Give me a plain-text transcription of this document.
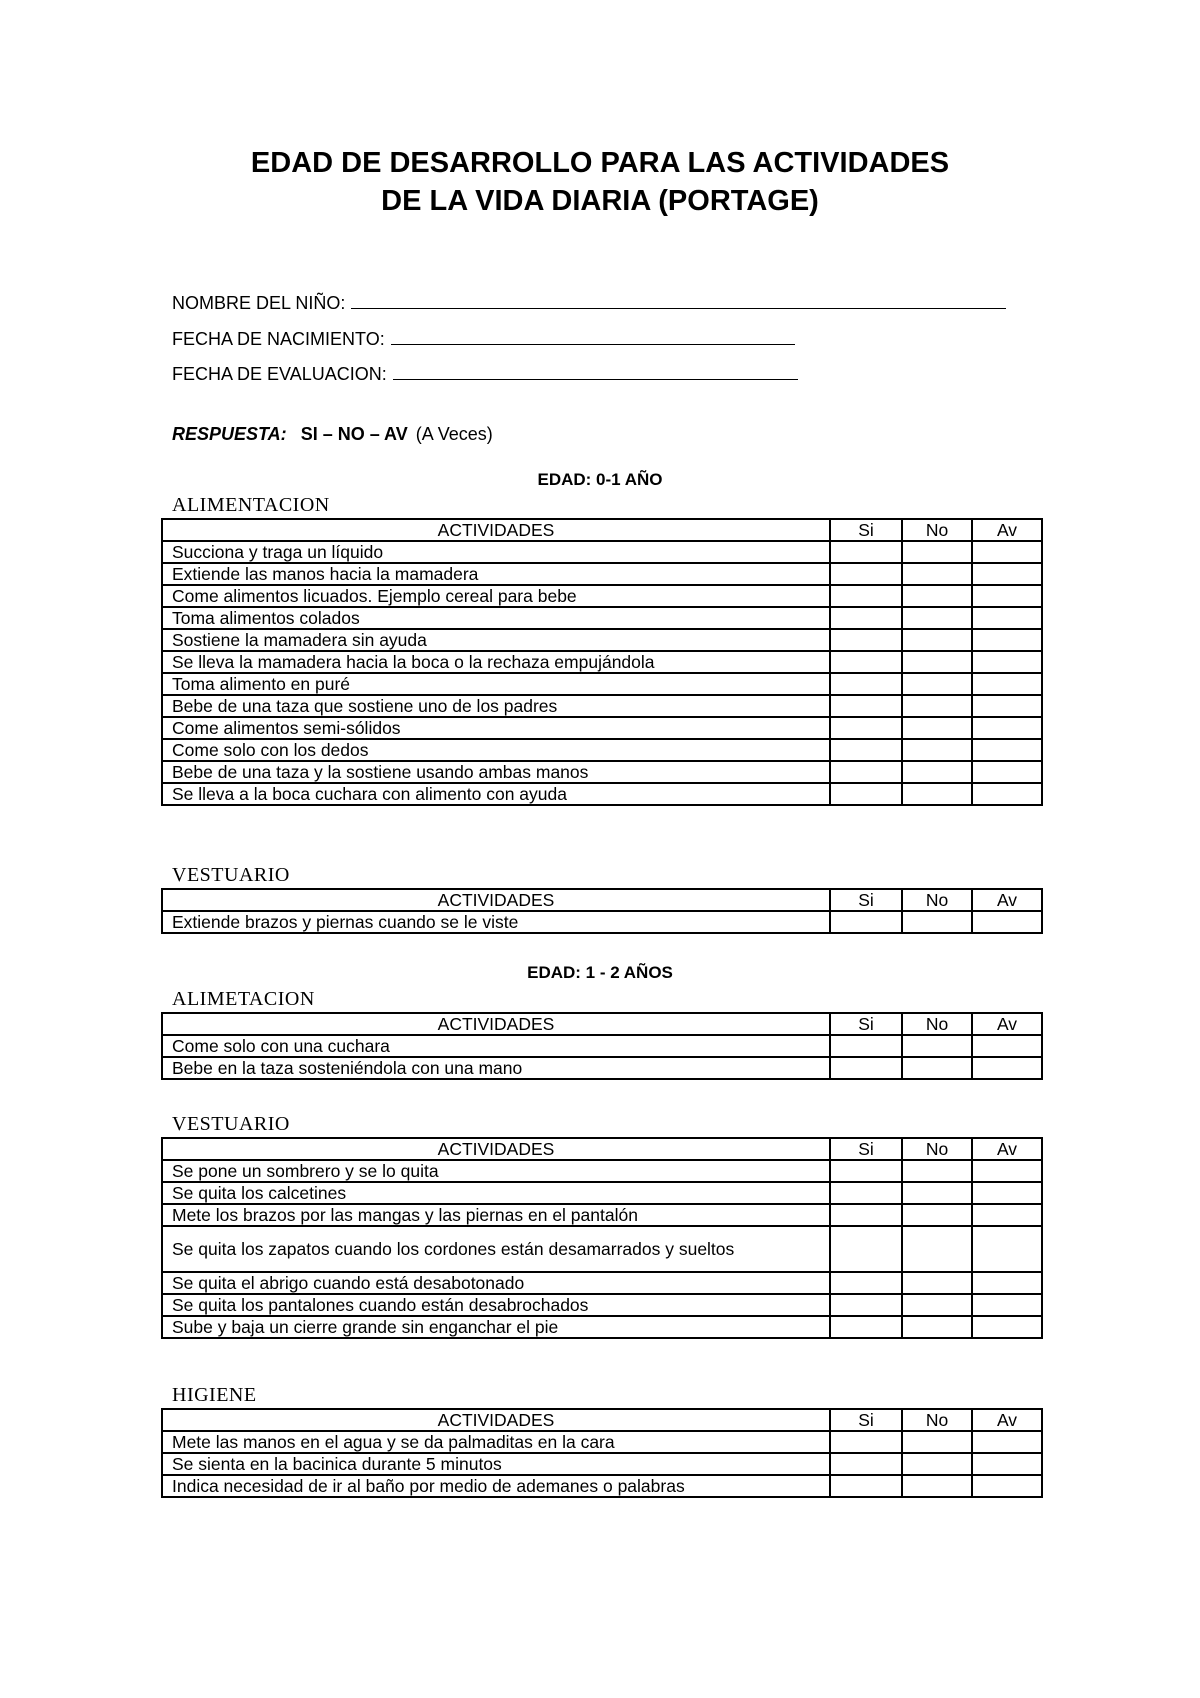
EDAD DE DESARROLLO PARA LAS ACTIVIDADES
DE LA VIDA DIARIA (PORTAGE)
NOMBRE DEL NIÑO:
FECHA DE NACIMIENTO:
FECHA DE EVALUACION:
RESPUESTA: SI – NO – AV (A Veces)
EDAD: 0-1 AÑO
ALIMENTACION
ACTIVIDADES	Si	No	Av
Succiona y traga un líquido			
Extiende las manos hacia la mamadera			
Come alimentos licuados. Ejemplo cereal para bebe			
Toma alimentos colados			
Sostiene la mamadera sin ayuda			
Se lleva la mamadera hacia la boca o la rechaza empujándola			
Toma alimento en puré			
Bebe de una taza que sostiene uno de los padres			
Come alimentos semi-sólidos			
Come solo con los dedos			
Bebe de una taza y la sostiene usando ambas manos			
Se lleva a la boca cuchara con alimento con ayuda			
VESTUARIO
ACTIVIDADES	Si	No	Av
Extiende brazos y piernas cuando se le viste			
EDAD: 1 - 2 AÑOS
ALIMETACION
ACTIVIDADES	Si	No	Av
Come solo con una cuchara			
Bebe en la taza sosteniéndola con una mano			
VESTUARIO
ACTIVIDADES	Si	No	Av
Se pone un sombrero y se lo quita			
Se quita los calcetines			
Mete los brazos por las mangas y las piernas en el pantalón			
Se quita los zapatos cuando los cordones están desamarrados y sueltos			
Se quita el abrigo cuando está desabotonado			
Se quita los pantalones cuando están desabrochados			
Sube y baja un cierre grande sin enganchar el pie			
HIGIENE
ACTIVIDADES	Si	No	Av
Mete las manos en el agua y se da palmaditas en la cara			
Se sienta en la bacinica durante 5 minutos			
Indica necesidad de ir al baño por medio de ademanes o palabras			
